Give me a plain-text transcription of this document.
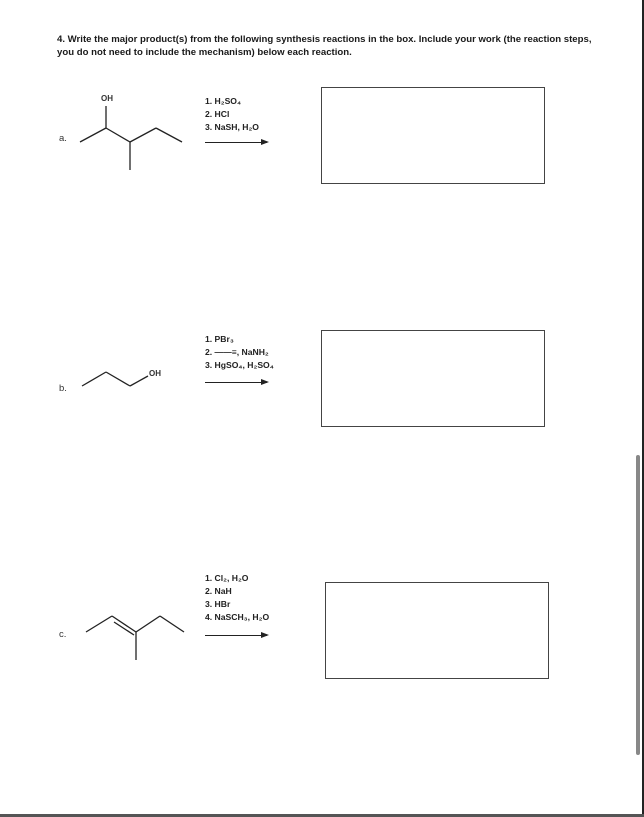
4. Write the major product(s) from the following synthesis reactions in the box. Include your work (the reaction steps, you do not need to include the mechanism) below each reaction.
a.
OH	1. H₂SO₄
2. HCl
3. NaSH, H₂O
b.
OH
1. PBr₃
2. ——≡, NaNH₂
3. HgSO₄, H₂SO₄
c.
1. Cl₂, H₂O
2. NaH
3. HBr
4. NaSCH₃, H₂O
